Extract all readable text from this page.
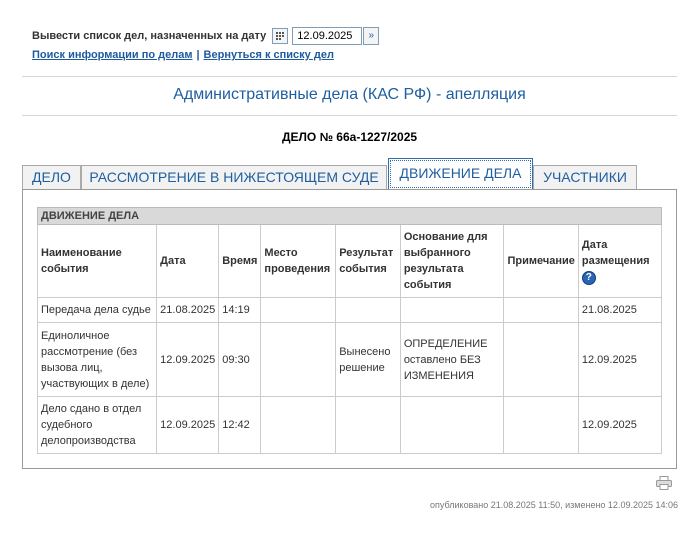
Вывести список дел, назначенных на дату
12.09.2025	»
Поиск информации по делам | Вернуться к списку дел
Административные дела (КАС РФ) - апелляция
ДЕЛО № 66а-1227/2025
ДЕЛО	РАССМОТРЕНИЕ В НИЖЕСТОЯЩЕМ СУДЕ	ДВИЖЕНИЕ ДЕЛА	УЧАСТНИКИ
ДВИЖЕНИЕ ДЕЛА							
Наименование события	Дата	Время	Место проведения	Результат события	Основание для выбранного результата события	Примечание	Дата размещения
?
Передача дела судье	21.08.2025	14:19					21.08.2025
Единоличное рассмотрение (без вызова лиц, участвующих в деле)	12.09.2025	09:30		Вынесено решение	ОПРЕДЕЛЕНИЕ оставлено БЕЗ ИЗМЕНЕНИЯ		12.09.2025
Дело сдано в отдел судебного делопроизводства	12.09.2025	12:42					12.09.2025
опубликовано 21.08.2025 11:50, изменено 12.09.2025 14:06
